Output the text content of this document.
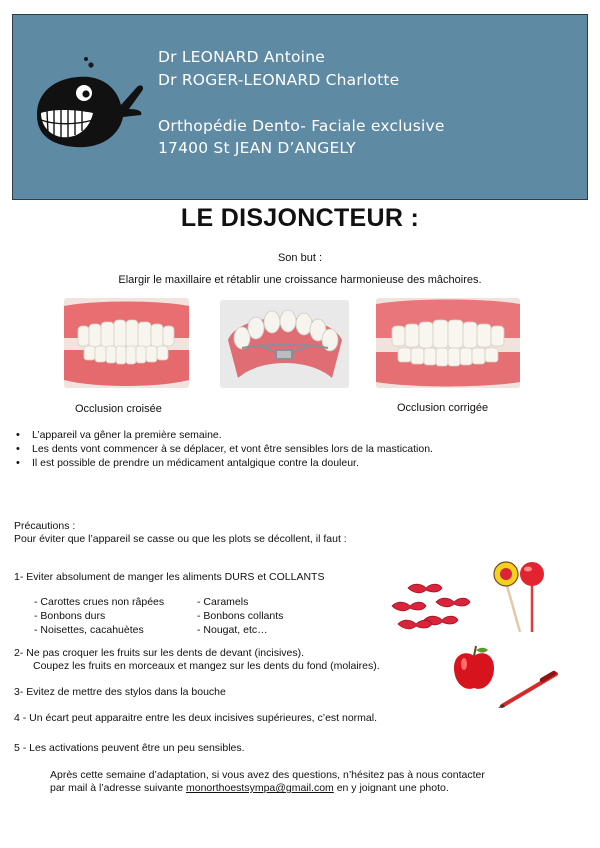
Dr LEONARD Antoine
Dr ROGER-LEONARD Charlotte
Orthopédie Dento- Faciale exclusive
17400 St JEAN D’ANGELY
LE DISJONCTEUR :
Son but :
Elargir le maxillaire et rétablir une croissance harmonieuse des mâchoires.
Occlusion croisée	Occlusion corrigée
• L’appareil va gêner la première semaine.
• Les dents vont commencer à se déplacer, et vont être sensibles lors de la mastication.
• Il est possible de prendre un médicament antalgique contre la douleur.
Précautions :
Pour éviter que l’appareil se casse ou que les plots se décollent, il faut :
1- Eviter absolument de manger les aliments DURS et COLLANTS
- Carottes crues non râpées
- Bonbons durs
- Noisettes, cacahuètes
- Caramels
- Bonbons collants
- Nougat, etc…
2- Ne pas croquer les fruits sur les dents de devant (incisives).
Coupez les fruits en morceaux et mangez sur les dents du fond (molaires).
3- Evitez de mettre des stylos dans la bouche
4 - Un écart peut apparaitre entre les deux incisives supérieures, c’est normal.
5 - Les activations peuvent être un peu sensibles.
Après cette semaine d’adaptation, si vous avez des questions, n’hésitez pas à nous contacter
par mail à l’adresse suivante monorthoestsympa@gmail.com en y joignant une photo.
